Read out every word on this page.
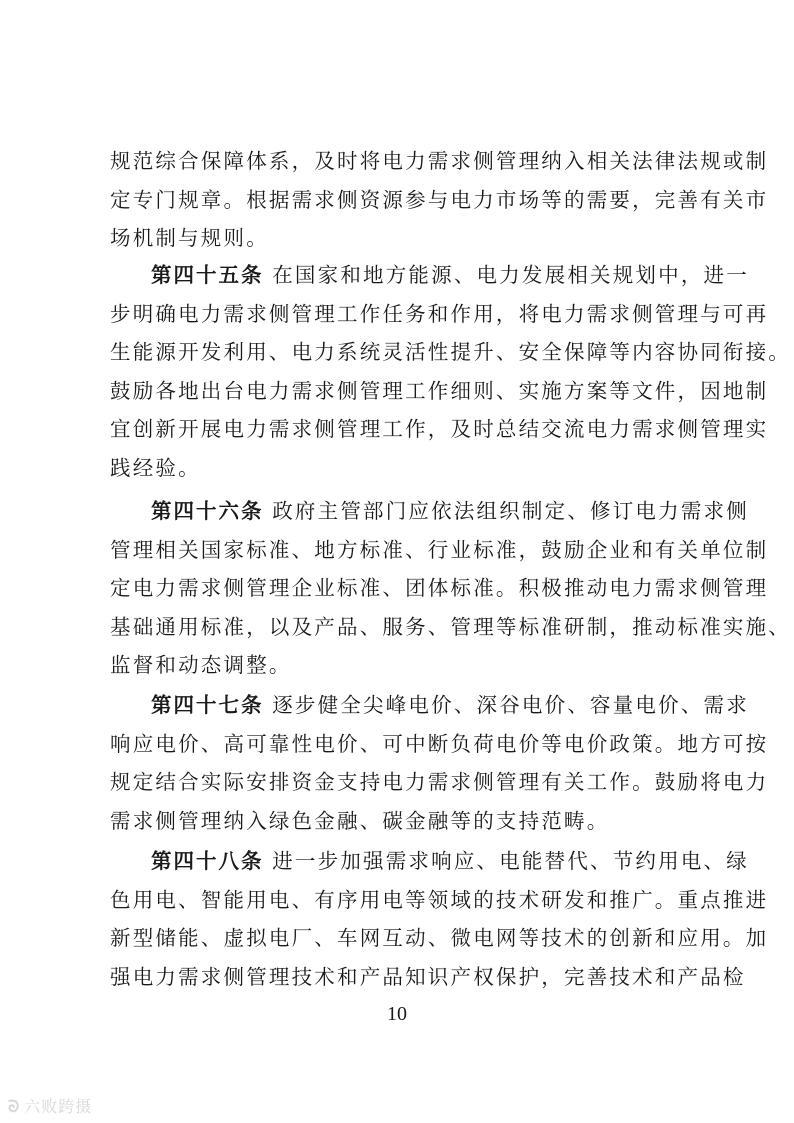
规范综合保障体系，及时将电力需求侧管理纳入相关法律法规或制
定专门规章。根据需求侧资源参与电力市场等的需要，完善有关市
场机制与规则。
第四十五条 在国家和地方能源、电力发展相关规划中，进一
步明确电力需求侧管理工作任务和作用，将电力需求侧管理与可再
生能源开发利用、电力系统灵活性提升、安全保障等内容协同衔接。
鼓励各地出台电力需求侧管理工作细则、实施方案等文件，因地制
宜创新开展电力需求侧管理工作，及时总结交流电力需求侧管理实
践经验。
第四十六条 政府主管部门应依法组织制定、修订电力需求侧
管理相关国家标准、地方标准、行业标准，鼓励企业和有关单位制
定电力需求侧管理企业标准、团体标准。积极推动电力需求侧管理
基础通用标准，以及产品、服务、管理等标准研制，推动标准实施、
监督和动态调整。
第四十七条 逐步健全尖峰电价、深谷电价、容量电价、需求
响应电价、高可靠性电价、可中断负荷电价等电价政策。地方可按
规定结合实际安排资金支持电力需求侧管理有关工作。鼓励将电力
需求侧管理纳入绿色金融、碳金融等的支持范畴。
第四十八条 进一步加强需求响应、电能替代、节约用电、绿
色用电、智能用电、有序用电等领域的技术研发和推广。重点推进
新型储能、虚拟电厂、车网互动、微电网等技术的创新和应用。加
强电力需求侧管理技术和产品知识产权保护，完善技术和产品检
10
ᘐ 六败跨摄
